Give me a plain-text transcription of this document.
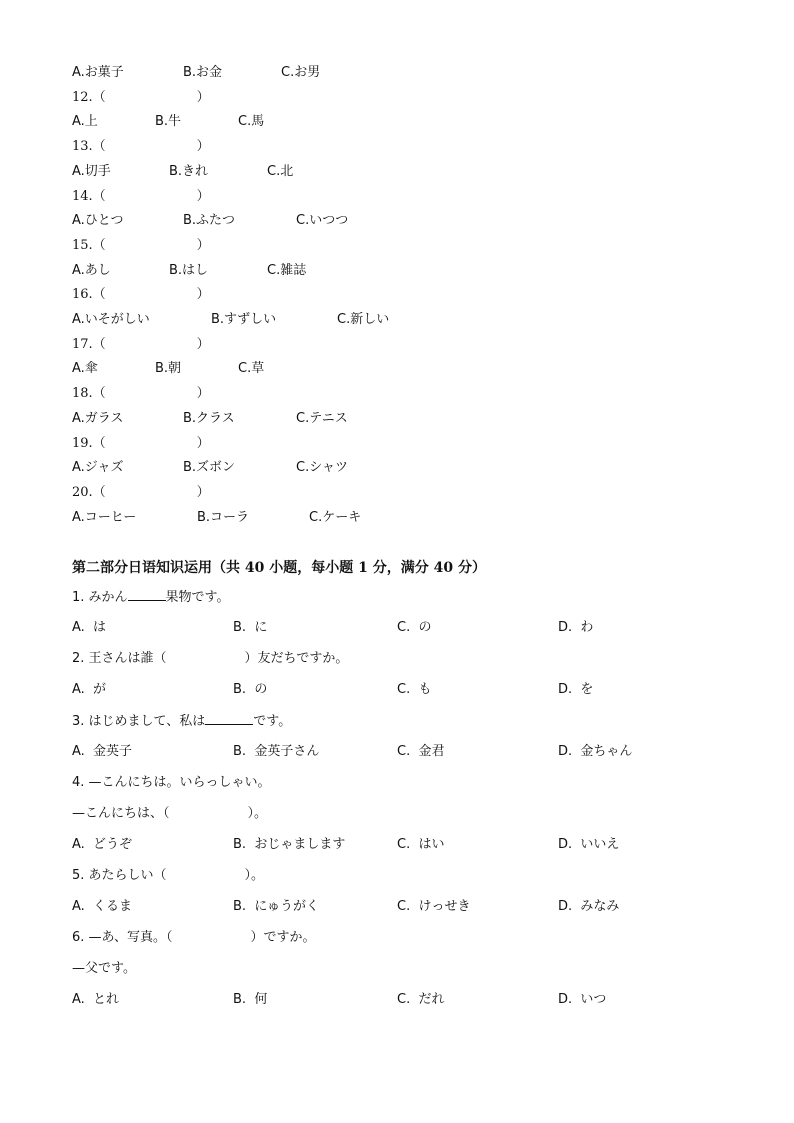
A.お菓子	B.お金	C.お男
12.（　　　　　　　）
A.上	B.牛	C.馬
13.（　　　　　　　）
A.切手	B.きれ	C.北
14.（　　　　　　　）
A.ひとつ	B.ふたつ	C.いつつ
15.（　　　　　　　）
A.あし	B.はし	C.雑誌
16.（　　　　　　　）
A.いそがしい	B.すずしい	C.新しい
17.（　　　　　　　）
A.傘	B.朝	C.草
18.（　　　　　　　）
A.ガラス	B.クラス	C.テニス
19.（　　　　　　　）
A.ジャズ	B.ズボン	C.シャツ
20.（　　　　　　　）
A.コーヒー	B.コーラ	C.ケーキ
第二部分日语知识运用（共 40 小题，每小题 1 分，满分 40 分）
1. みかん	果物です。
A.  は	B.  に	C.  の	D.  わ
2. 王さんは誰（　　　　　　）友だちですか。
A.  が	B.  の	C.  も	D.  を
3. はじめまして、私は	です。
A.  金英子	B.  金英子さん	C.  金君	D.  金ちゃん
4. —こんにちは。いらっしゃい。
—こんにちは、（　　　　　　）。
A.  どうぞ	B.  おじゃまします	C.  はい	D.  いいえ
5. あたらしい（　　　　　　）。
A.  くるま	B.  にゅうがく	C.  けっせき	D.  みなみ
6. —あ、写真。（　　　　　　）ですか。
—父です。
A.  とれ	B.  何	C.  だれ	D.  いつ
